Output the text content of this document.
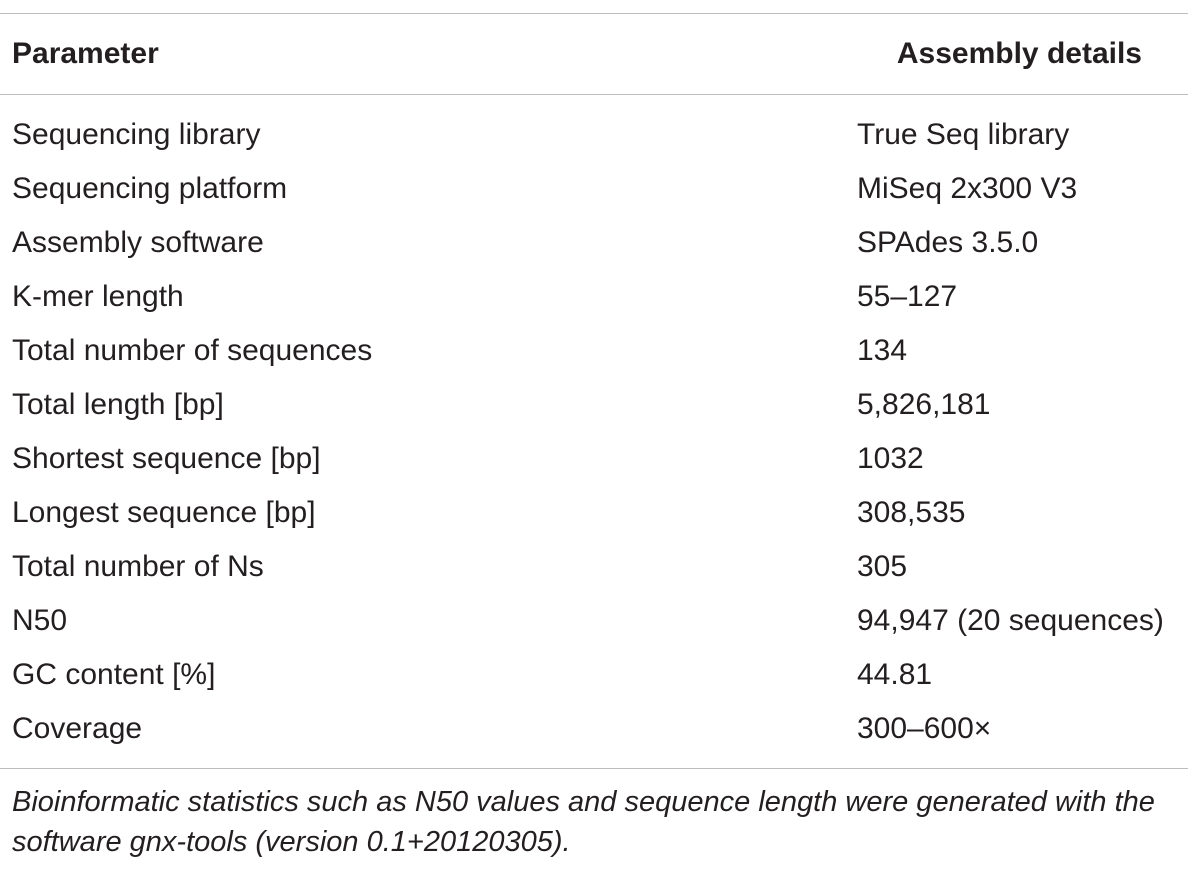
Parameter	Assembly details
Sequencing library	True Seq library
Sequencing platform	MiSeq 2x300 V3
Assembly software	SPAdes 3.5.0
K-mer length	55–127
Total number of sequences	134
Total length [bp]	5,826,181
Shortest sequence [bp]	1032
Longest sequence [bp]	308,535
Total number of Ns	305
N50	94,947 (20 sequences)
GC content [%]	44.81
Coverage	300–600×
Bioinformatic statistics such as N50 values and sequence length were generated with the software gnx-tools (version 0.1+20120305).
